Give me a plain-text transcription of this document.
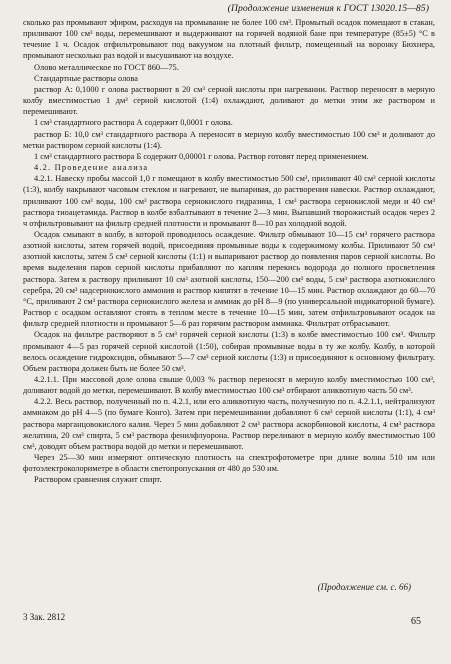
(Продолжение изменения к ГОСТ 13020.15—85)

сколько раз промывают эфиром, расходуя на промывание не более 100 см³. Промытый осадок помещают в стакан, приливают 100 см³ воды, перемешивают и выдерживают на горячей водяной бане при температуре (85±5) °С в течение 1 ч. Осадок отфильтровывают под вакуумом на плотный фильтр, помещенный на воронку Бюхнера, промывают несколько раз водой и высушивают на воздухе.

Олово металлическое по ГОСТ 860—75.

Стандартные растворы олова

раствор А: 0,1000 г олова растворяют в 20 см³ серной кислоты при нагревании. Раствор переносят в мерную колбу вместимостью 1 дм³ серной кислотой (1:4) охлаждают, доливают до метки этим же раствором и перемешивают.

1 см³ стандартного раствора А содержит 0,0001 г олова.

раствор Б: 10,0 см³ стандартного раствора А переносят в мерную колбу вместимостью 100 см³ и доливают до метки раствором серной кислоты (1:4).

1 см³ стандартного раствора Б содержит 0,00001 г олова. Раствор готовят перед применением.

4.2. Проведение анализа

4.2.1. Навеску пробы массой 1,0 г помещают в колбу вместимостью 500 см³, приливают 40 см³ серной кислоты (1:3), колбу накрывают часовым стеклом и нагревают, не выпаривая, до растворения навески. Раствор охлаждают, приливают 100 см³ воды, 100 см³ раствора сернокислого гидразина, 1 см³ раствора сернокислой меди и 40 см³ раствора тиоацетамида. Раствор в колбе взбалтывают в течение 2—3 мин. Выпавший творожистый осадок через 2 ч отфильтровывают на фильтр средней плотности и промывают 8—10 раз холодной водой.

Осадок смывают в колбу, в которой проводилось осаждение. Фильтр обмывают 10—15 см³ горячего раствора азотной кислоты, затем горячей водой, присоединяя промывные воды к содержимому колбы. Приливают 50 см³ азотной кислоты, затем 5 см³ серной кислоты (1:1) и выпаривают раствор до появления паров серной кислоты. Во время выделения паров серной кислоты прибавляют по каплям перекись водорода до полного просветления раствора. Затем к раствору приливают 10 см³ азотной кислоты, 150—200 см³ воды, 5 см³ раствора азотнокислого серебра, 20 см³ надсернокислого аммония и раствор кипятят в течение 10—15 мин. Раствор охлаждают до 60—70 °С, приливают 2 см³ раствора сернокислого железа и аммиак до pH 8—9 (по универсальной индикаторной бумаге). Раствор с осадком оставляют стоять в теплом месте в течение 10—15 мин, затем отфильтровывают осадок на фильтр средней плотности и промывают 5—6 раз горячим раствором аммиака. Фильтрат отбрасывают.

Осадок на фильтре растворяют в 5 см³ горячей серной кислоты (1:3) в колбе вместимостью 100 см³. Фильтр промывают 4—5 раз горячей серной кислотой (1:50), собирая промывные воды в ту же колбу. Колбу, в которой велось осаждение гидроксидов, обмывают 5—7 см³ серной кислоты (1:3) и присоединяют к основному фильтрату. Объем раствора должен быть не более 50 см³.

4.2.1.1. При массовой доле олова свыше 0,003 % раствор переносят в мерную колбу вместимостью 100 см³, доливают водой до метки, перемешивают. В колбу вместимостью 100 см³ отбирают аликвотную часть 50 см³.

4.2.2. Весь раствор, полученный по п. 4.2.1, или его аликвотную часть, полученную по п. 4.2.1.1, нейтрализуют аммиаком до pH 4—5 (по бумаге Конго). Затем при перемешивании добавляют 6 см³ серной кислоты (1:1), 4 см³ раствора марганцовокислого калия. Через 5 мин добавляют 2 см³ раствора аскорбиновой кислоты, 4 см³ раствора желатина, 20 см³ спирта, 5 см³ раствора фенилфлуорона. Раствор переливают в мерную колбу вместимостью 100 см³, доводят объем раствора водой до метки и перемешивают.

Через 25—30 мин измеряют оптическую плотность на спектрофотометре при длине волны 510 нм или фотоэлектроколориметре в области светопропускания от 480 до 530 нм.

Раствором сравнения служит спирт.

(Продолжение см. с. 66)
3 Зак. 2812	65
